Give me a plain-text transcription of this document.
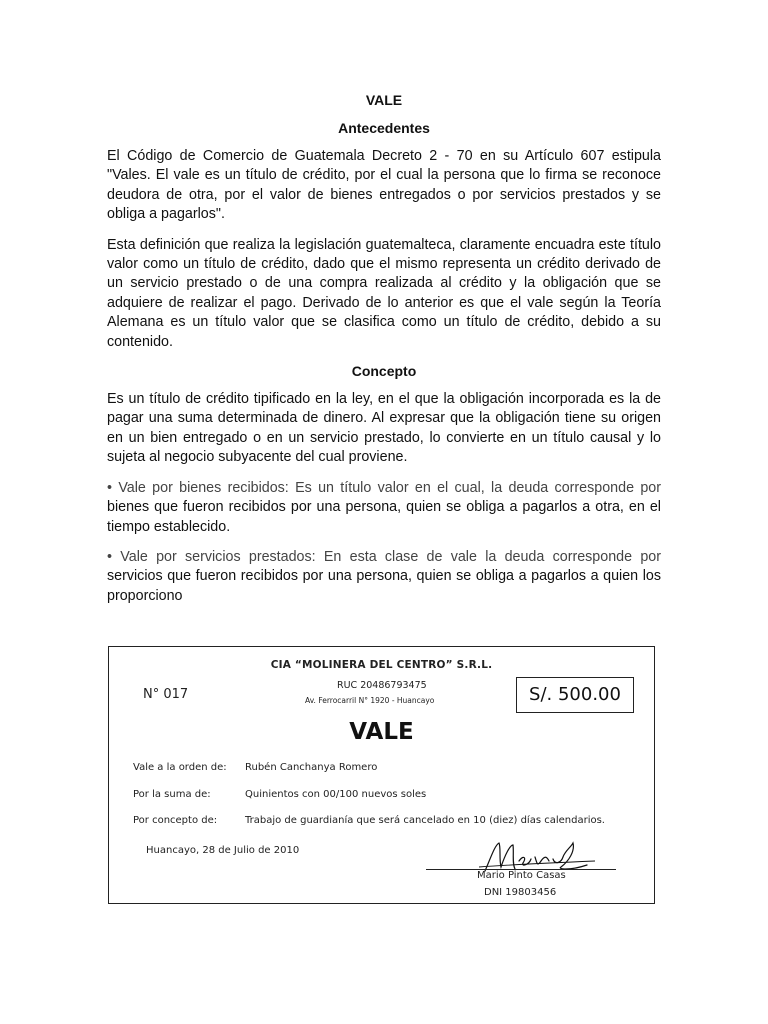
VALE
Antecedentes

El Código de Comercio de Guatemala Decreto 2 - 70 en su Artículo 607 estipula "Vales. El vale es un título de crédito, por el cual la persona que lo firma se reconoce deudora de otra, por el valor de bienes entregados o por servicios prestados y se obliga a pagarlos".

Esta definición que realiza la legislación guatemalteca, claramente encuadra este título valor como un título de crédito, dado que el mismo representa un crédito derivado de un servicio prestado o de una compra realizada al crédito y la obligación que se adquiere de realizar el pago. Derivado de lo anterior es que el vale según la Teoría Alemana es un título valor que se clasifica como un título de crédito, debido a su contenido.

Concepto

Es un título de crédito tipificado en la ley, en el que la obligación incorporada es la de pagar una suma determinada de dinero. Al expresar que la obligación tiene su origen en un bien entregado o en un servicio prestado, lo convierte en un título causal y lo sujeta al negocio subyacente del cual proviene.

• Vale por bienes recibidos: Es un título valor en el cual, la deuda corresponde por bienes que fueron recibidos por una persona, quien se obliga a pagarlos a otra, en el tiempo establecido.

• Vale por servicios prestados: En esta clase de vale la deuda corresponde por servicios que fueron recibidos por una persona, quien se obliga a pagarlos a quien los proporciono

CIA “MOLINERA DEL CENTRO” S.R.L.
RUC 20486793475
Av. Ferrocarril N° 1920 - Huancayo
N° 017	S/. 500.00
VALE
Vale a la orden de: Rubén Canchanya Romero
Por la suma de:	Quinientos con 00/100 nuevos soles
Por concepto de:	Trabajo de guardianía que será cancelado en 10 (diez) días calendarios.
Huancayo, 28 de Julio de 2010
Mario Pinto Casas
DNI 19803456
